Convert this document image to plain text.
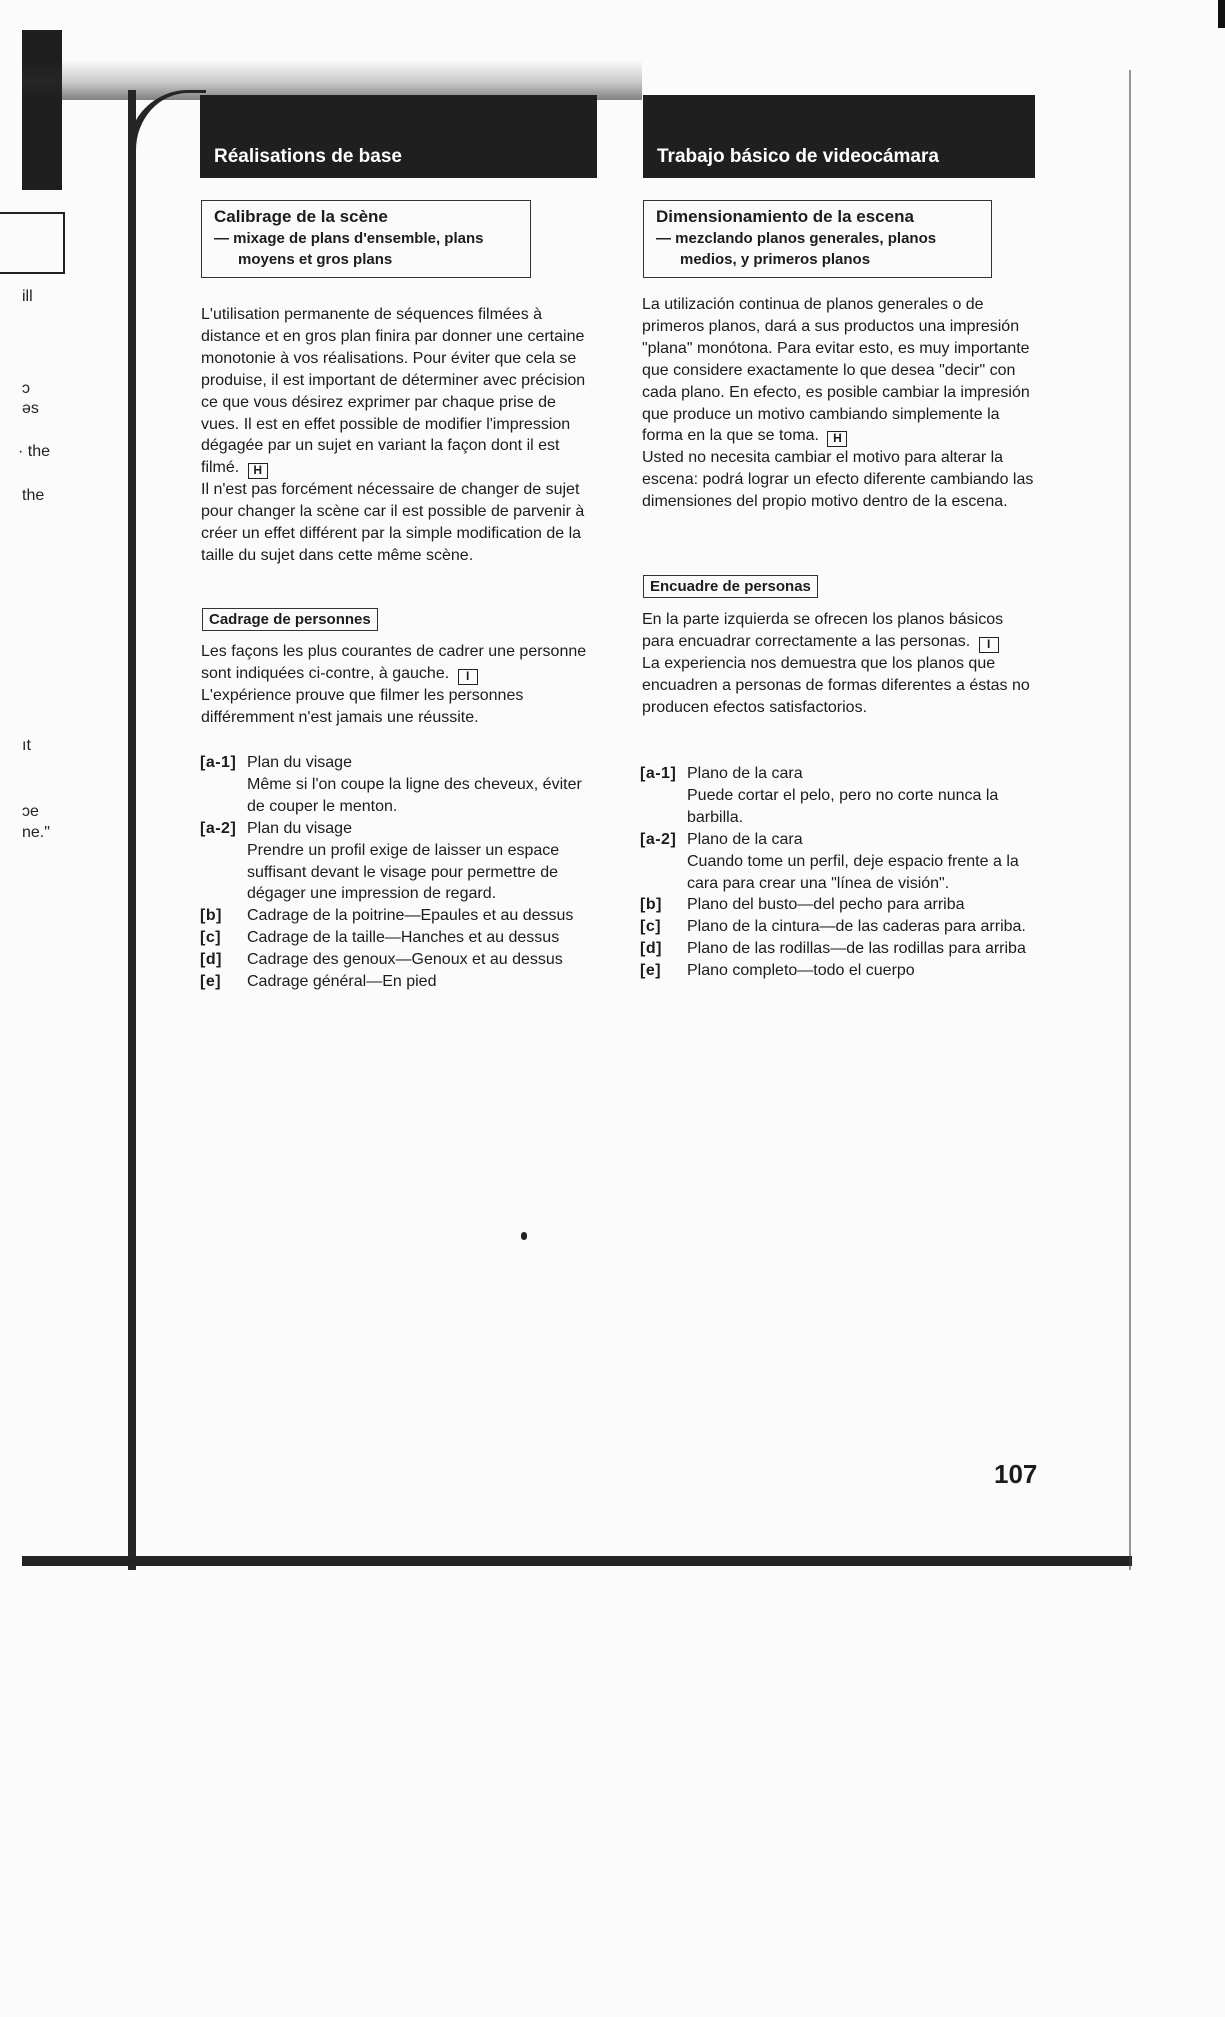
ill
ɔ
əs
· the
the
ıt
ɔe
ne."
Réalisations de base
Calibrage de la scène
— mixage de plans d'ensemble, plans moyens et gros plans
L'utilisation permanente de séquences filmées à distance et en gros plan finira par donner une certaine monotonie à vos réalisations. Pour éviter que cela se produise, il est important de déterminer avec précision ce que vous désirez exprimer par chaque prise de vues. Il est en effet possible de modifier l'impression dégagée par un sujet en variant la façon dont il est filmé. H
Il n'est pas forcément nécessaire de changer de sujet pour changer la scène car il est possible de parvenir à créer un effet différent par la simple modification de la taille du sujet dans cette même scène.
Cadrage de personnes
Les façons les plus courantes de cadrer une personne sont indiquées ci-contre, à gauche. I
L'expérience prouve que filmer les personnes différemment n'est jamais une réussite.
[a-1] Plan du visage
Même si l'on coupe la ligne des cheveux, éviter de couper le menton.
[a-2] Plan du visage
Prendre un profil exige de laisser un espace suffisant devant le visage pour permettre de dégager une impression de regard.
[b]	Cadrage de la poitrine—Epaules et au dessus
[c]	Cadrage de la taille—Hanches et au dessus
[d]	Cadrage des genoux—Genoux et au dessus
[e]	Cadrage général—En pied
Trabajo básico de videocámara
Dimensionamiento de la escena
— mezclando planos generales, planos medios, y primeros planos
La utilización continua de planos generales o de primeros planos, dará a sus productos una impresión "plana" monótona. Para evitar esto, es muy importante que considere exactamente lo que desea "decir" con cada plano. En efecto, es posible cambiar la impresión que produce un motivo cambiando simplemente la forma en la que se toma. H
Usted no necesita cambiar el motivo para alterar la escena: podrá lograr un efecto diferente cambiando las dimensiones del propio motivo dentro de la escena.
Encuadre de personas
En la parte izquierda se ofrecen los planos básicos para encuadrar correctamente a las personas. I
La experiencia nos demuestra que los planos que encuadren a personas de formas diferentes a éstas no producen efectos satisfactorios.
[a-1] Plano de la cara
Puede cortar el pelo, pero no corte nunca la barbilla.
[a-2] Plano de la cara
Cuando tome un perfil, deje espacio frente a la cara para crear una "línea de visión".
[b]	Plano del busto—del pecho para arriba
[c]	Plano de la cintura—de las caderas para arriba.
[d]	Plano de las rodillas—de las rodillas para arriba
[e]	Plano completo—todo el cuerpo
107
